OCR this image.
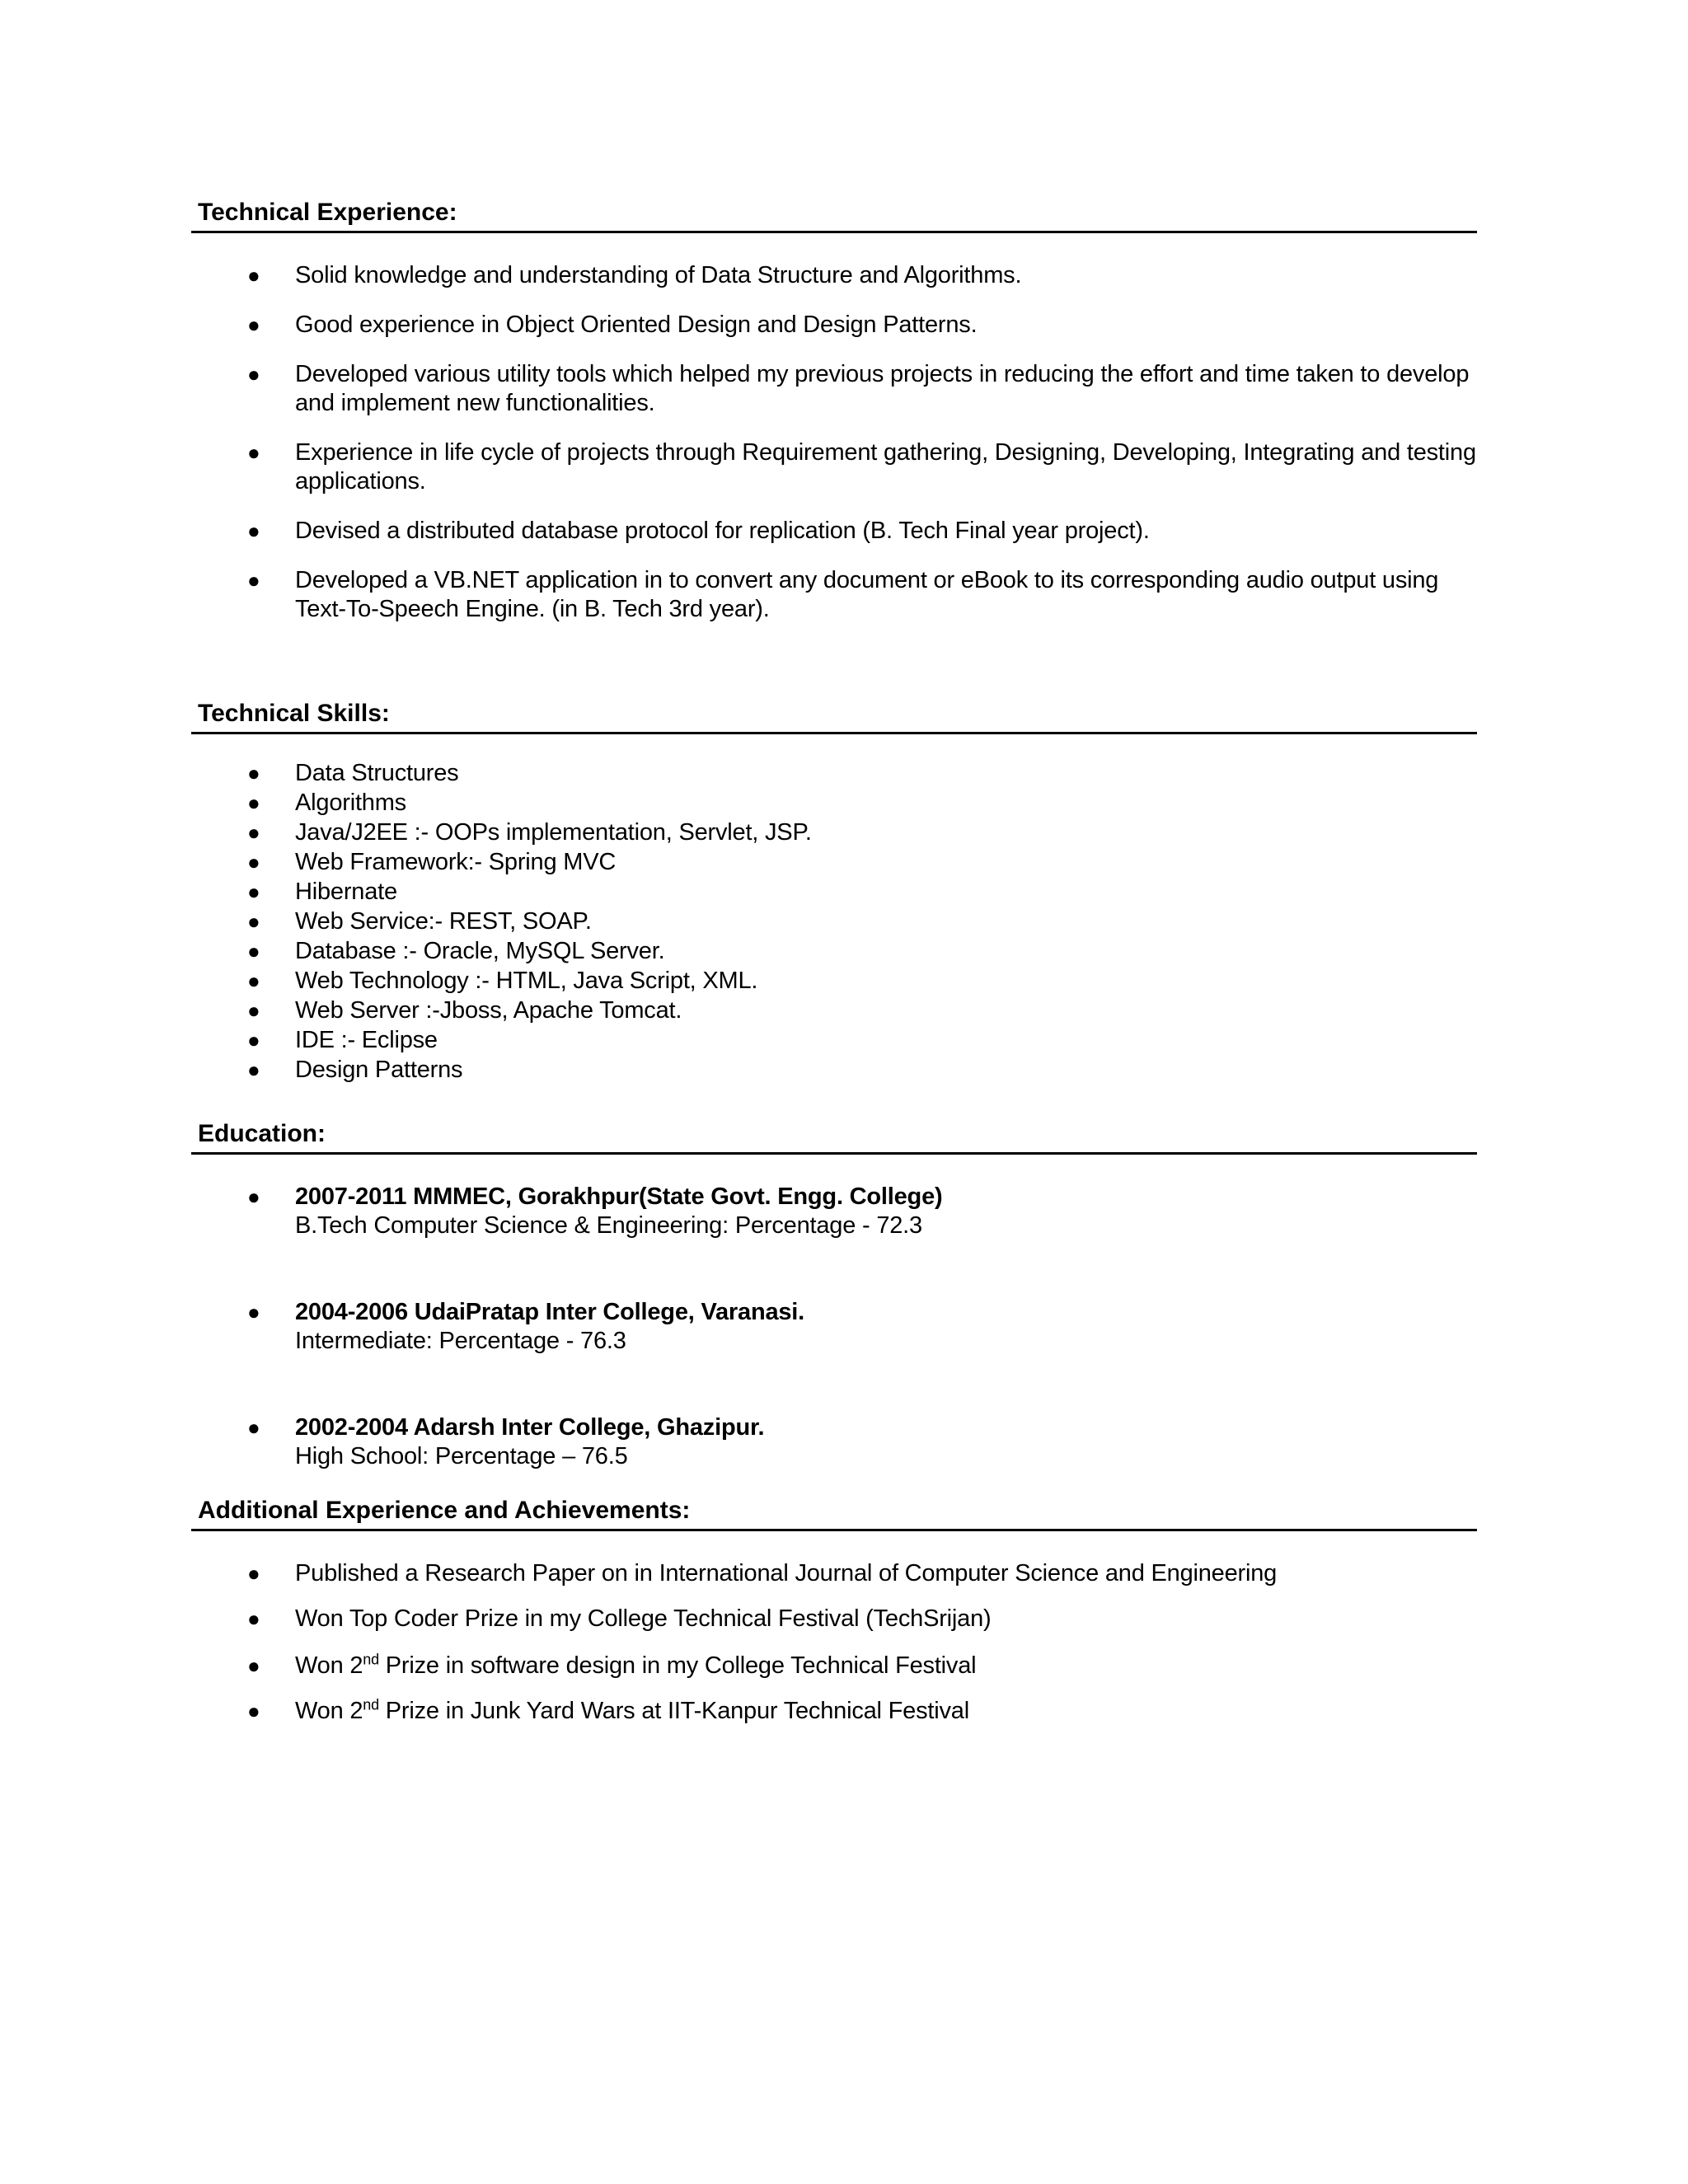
Technical Experience:
● Solid knowledge and understanding of Data Structure and Algorithms.
● Good experience in Object Oriented Design and Design Patterns.
● Developed various utility tools which helped my previous projects in reducing the effort and time taken to develop and implement new functionalities.
● Experience in life cycle of projects through Requirement gathering, Designing, Developing, Integrating and testing applications.
● Devised a distributed database protocol for replication (B. Tech Final year project).
● Developed a VB.NET application in to convert any document or eBook to its corresponding audio output using Text-To-Speech Engine. (in B. Tech 3rd year).
Technical Skills:
● Data Structures
● Algorithms
● Java/J2EE :- OOPs implementation, Servlet, JSP.
● Web Framework:- Spring MVC
● Hibernate
● Web Service:- REST, SOAP.
● Database :- Oracle, MySQL Server.
● Web Technology :- HTML, Java Script, XML.
● Web Server :-Jboss, Apache Tomcat.
● IDE :- Eclipse
● Design Patterns
Education:
● 2007-2011 MMMEC, Gorakhpur(State Govt. Engg. College)
B.Tech Computer Science & Engineering: Percentage - 72.3
● 2004-2006 UdaiPratap Inter College, Varanasi.
Intermediate: Percentage - 76.3
● 2002-2004 Adarsh Inter College, Ghazipur.
High School: Percentage – 76.5
Additional Experience and Achievements:
● Published a Research Paper on in International Journal of Computer Science and Engineering
● Won Top Coder Prize in my College Technical Festival (TechSrijan)
● Won 2nd Prize in software design in my College Technical Festival
● Won 2nd Prize in Junk Yard Wars at IIT-Kanpur Technical Festival
